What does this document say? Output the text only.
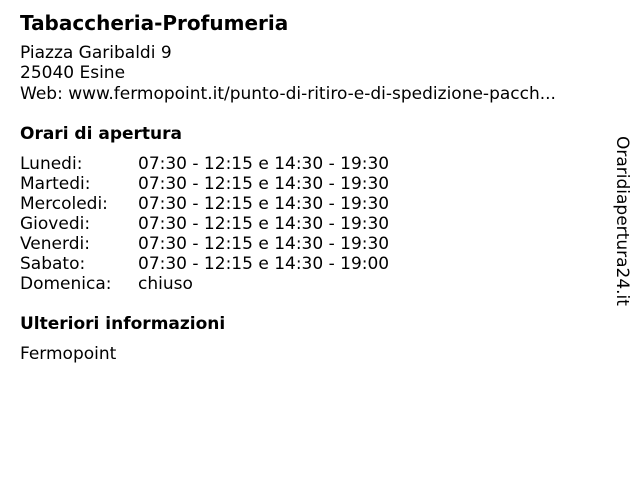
Tabaccheria-Profumeria
Piazza Garibaldi 9
25040 Esine
Web: www.fermopoint.it/punto-di-ritiro-e-di-spedizione-pacch...
Orari di apertura
Lunedi:	07:30 - 12:15 e 14:30 - 19:30
Martedi:	07:30 - 12:15 e 14:30 - 19:30
Mercoledi: 07:30 - 12:15 e 14:30 - 19:30
Giovedi:	07:30 - 12:15 e 14:30 - 19:30
Venerdi:	07:30 - 12:15 e 14:30 - 19:30
Sabato:	07:30 - 12:15 e 14:30 - 19:00
Domenica: chiuso
Ulteriori informazioni
Fermopoint
Oraridiapertura24.it
